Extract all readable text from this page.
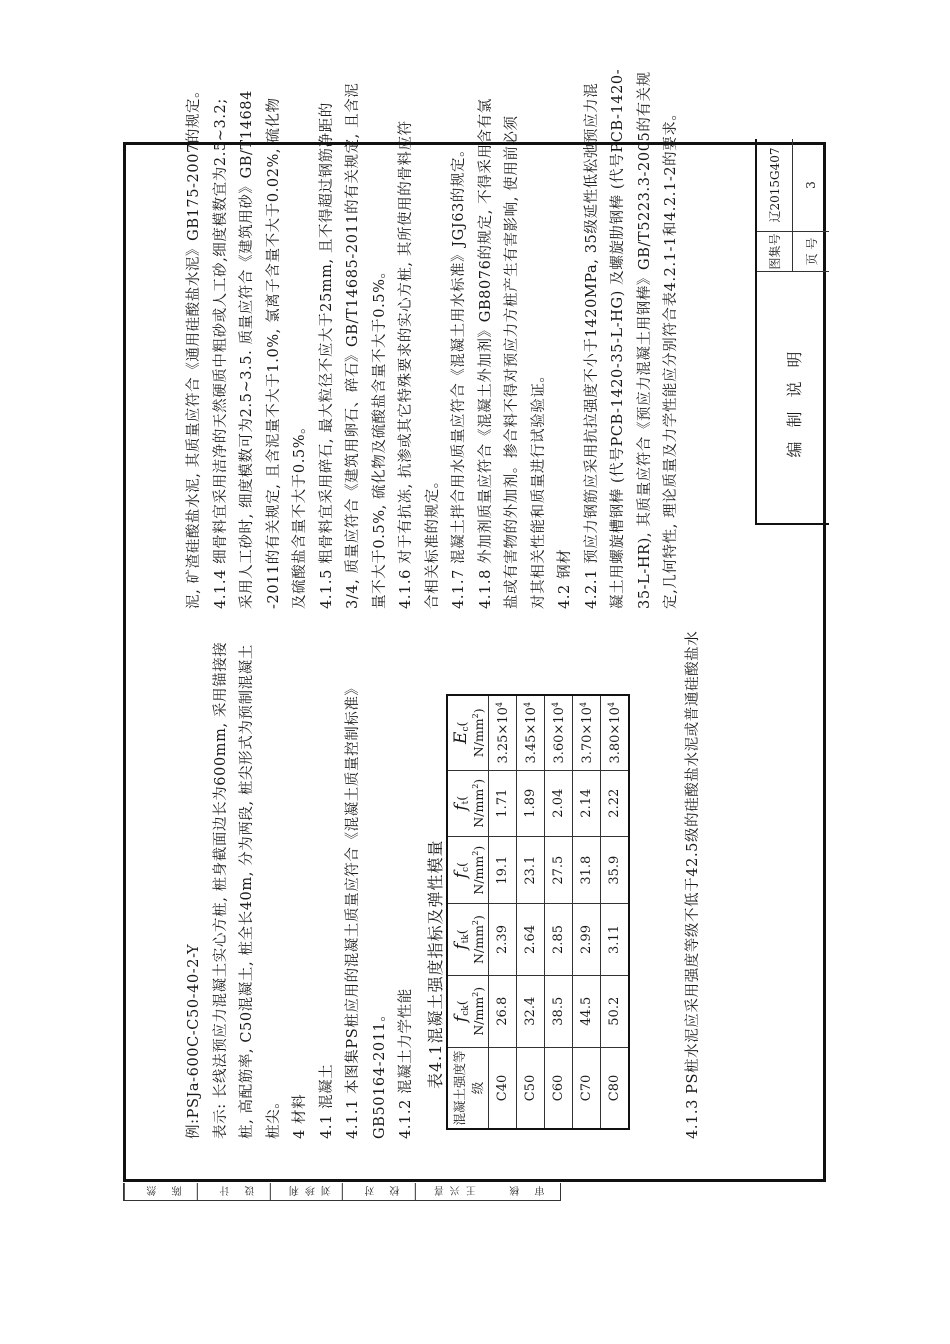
例:PSJa-600C-C50-40-2-Y 表示: 长线法预应力混凝土实心方桩, 桩身截面边长为600mm, 采用锚接接 桩, 高配筋率, C50混凝土, 桩全长40m, 分为两段, 桩尖形式为预制混凝土 桩尖。 4 材料 4.1 混凝土 4.1.1 本图集PS桩应用的混凝土质量应符合《混凝土质量控制标准》 GB50164-2011。 4.1.2 混凝土力学性能 表4.1混凝土强度指标及弹性模量 混凝土强度等级	$f_{ck}$( $N/mm^2$)	$f_{tk}$( $N/mm^2$)	$f_c$( $N/mm^2$)	$f_t$( $N/mm^2$)	$E_c$( $N/mm^2$)
C40	26.8	2.39	19.1	1.71	$3.25\times 10^4$
C50	32.4	2.64	23.1	1.89	$3.45\times 10^4$
C60	38.5	2.85	27.5	2.04	$3.60\times 10^4$
C70	44.5	2.99	31.8	2.14	$3.70\times 10^4$
C80	50.2	3.11	35.9	2.22	$3.80\times 10^4$	4.1.3 PS桩水泥应采用强度等级不低于42.5级的硅酸盐水泥或普通硅酸盐水

泥, 矿渣硅酸盐水泥, 其质量应符合《通用硅酸盐水泥》GB175-2007的规定。 4.1.4 细骨料宜采用洁净的天然硬质中粗砂或人工砂,细度模数宜为2.5~3.2; 采用人工砂时, 细度模数可为2.5~3.5. 质量应符合《建筑用砂》GB/T14684 -2011的有关规定, 且含泥量不大于1.0%, 氯离子含量不大于0.02%, 硫化物 及硫酸盐含量不大于0.5%。 4.1.5 粗骨料宜采用碎石, 最大粒径不应大于25mm, 且不得超过钢筋净距的 3/4, 质量应符合《建筑用卵石、碎石》GB/T14685-2011的有关规定, 且含泥 量不大于0.5%, 硫化物及硫酸盐含量不大于0.5%。 4.1.6 对于有抗冻, 抗渗或其它特殊要求的实心方桩, 其所使用的骨料应符 合相关标准的规定。 4.1.7 混凝土拌合用水质量应符合《混凝土用水标准》JGJ63的规定。 4.1.8 外加剂质量应符合《混凝土外加剂》GB8076的规定, 不得采用含有氯 盐或有害物的外加剂。掺合料不得对预应力方桩产生有害影响, 使用前必须 对其相关性能和质量进行试验验证。 4.2 钢材 4.2.1 预应力钢筋应采用抗拉强度不小于1420MPa, 35级延性低松弛预应力混 凝土用螺旋槽钢棒 (代号PCB-1420-35-L-HG) 及螺旋肋钢棒 (代号PCB-1420- 35-L-HR), 其质量应符合《预应力混凝土用钢棒》GB/T5223.3-2005的有关规 定,几何特性, 理论质量及力学性能应分别符合表4.2.1-1和4.2.1-2的要求。	编制说明
图集号
辽2015G407
页 号
3
陈 然	设 计	刘珍利	校 对	王兴喜	审 核
